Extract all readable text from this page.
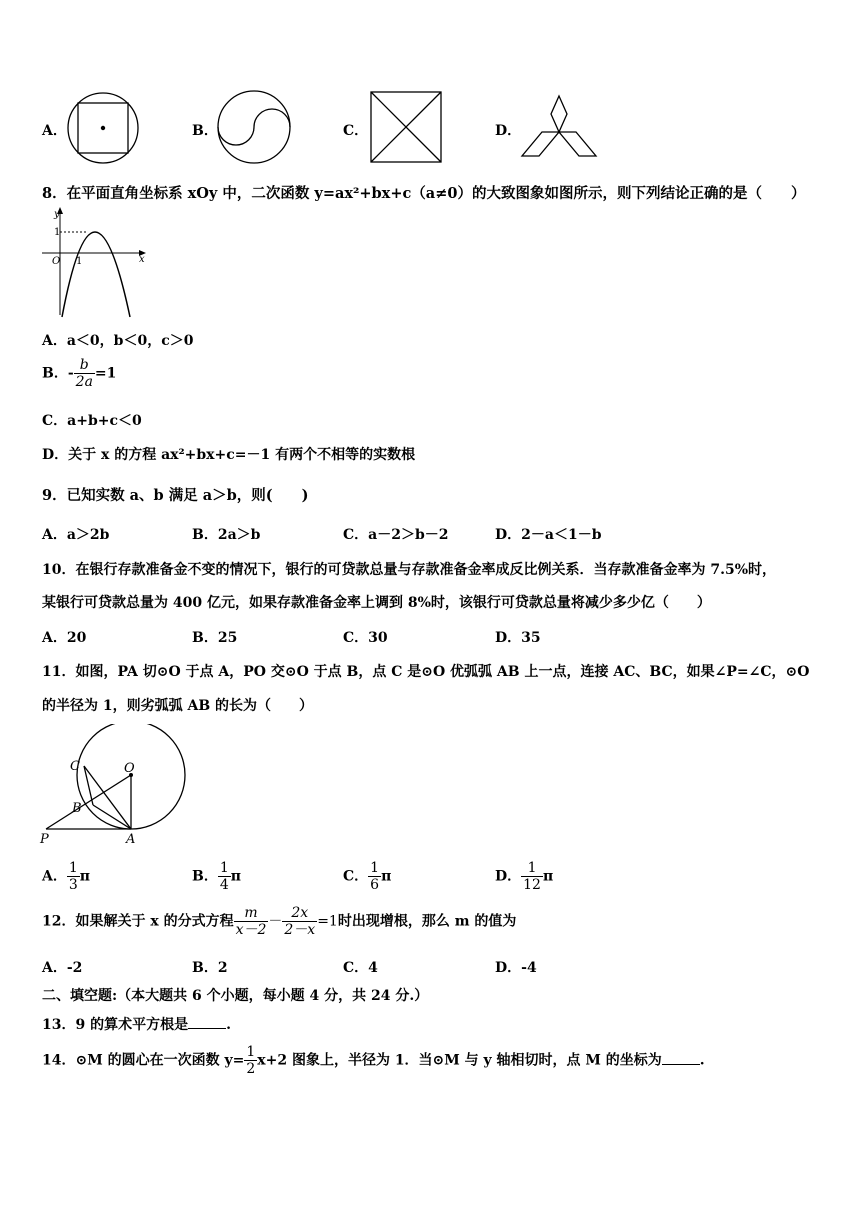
A．	B．	C．	D．
8．在平面直角坐标系 xOy 中，二次函数 y=ax²+bx+c（a≠0）的大致图象如图所示，则下列结论正确的是（　　）
y
x
O
1
1
A．a＜0，b＜0，c＞0
B．- $\frac{b}{2a} =1$
C．a+b+c＜0
D．关于 x 的方程 ax²+bx+c=－1 有两个不相等的实数根
9．已知实数 a、b 满足 a＞b，则(　　)
A．a＞2b	B．2a＞b	C．a－2＞b－2	D．2－a＜1－b
10．在银行存款准备金不变的情况下，银行的可贷款总量与存款准备金率成反比例关系．当存款准备金率为 7.5%时，
某银行可贷款总量为 400 亿元，如果存款准备金率上调到 8%时，该银行可贷款总量将减少多少亿（　　）
A．20	B．25	C．30	D．35
11．如图，PA 切⊙O 于点 A，PO 交⊙O 于点 B，点 C 是⊙O 优弧弧 AB 上一点，连接 AC、BC，如果∠P=∠C，⊙O
的半径为 1，则劣弧弧 AB 的长为（　　）
C	O
B
P	A
A． $\frac{1}{3}$ π	B． $\frac{1}{4}$ π	C． $\frac{1}{6}$ π	D． $\frac{1}{12}$ π
12．如果解关于 x 的分式方程 $\frac{m}{x-2} - \frac{2x}{2-x} =1$时出现增根，那么 m 的值为
A．-2	B．2	C．4	D．-4
二、填空题:（本大题共 6 个小题，每小题 4 分，共 24 分.）
13．9 的算术平方根是	.
14．⊙M 的圆心在一次函数 $y= \frac{1}{2} x+2$ 图象上，半径为 1．当⊙M 与 y 轴相切时，点 M 的坐标为	.
